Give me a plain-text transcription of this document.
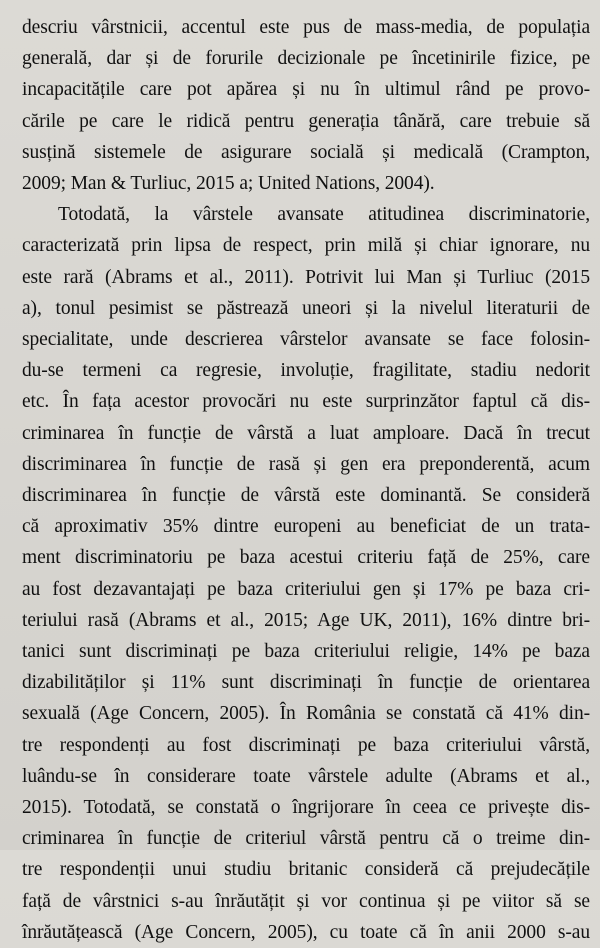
descriu vârstnicii, accentul este pus de mass-media, de populația
generală, dar și de forurile decizionale pe încetinirile fizice, pe
incapacitățile care pot apărea și nu în ultimul rând pe provo-
cările pe care le ridică pentru generația tânără, care trebuie să
susțină sistemele de asigurare socială și medicală (Crampton,
2009; Man & Turliuc, 2015 a; United Nations, 2004).

Totodată, la vârstele avansate atitudinea discriminatorie,
caracterizată prin lipsa de respect, prin milă și chiar ignorare, nu
este rară (Abrams et al., 2011). Potrivit lui Man și Turliuc (2015
a), tonul pesimist se păstrează uneori și la nivelul literaturii de
specialitate, unde descrierea vârstelor avansate se face folosin-
du-se termeni ca regresie, involuție, fragilitate, stadiu nedorit
etc. În fața acestor provocări nu este surprinzător faptul că dis-
criminarea în funcție de vârstă a luat amploare. Dacă în trecut
discriminarea în funcție de rasă și gen era preponderentă, acum
discriminarea în funcție de vârstă este dominantă. Se consideră
că aproximativ 35% dintre europeni au beneficiat de un trata-
ment discriminatoriu pe baza acestui criteriu față de 25%, care
au fost dezavantajați pe baza criteriului gen și 17% pe baza cri-
teriului rasă (Abrams et al., 2015; Age UK, 2011), 16% dintre bri-
tanici sunt discriminați pe baza criteriului religie, 14% pe baza
dizabilităților și 11% sunt discriminați în funcție de orientarea
sexuală (Age Concern, 2005). În România se constată că 41% din-
tre respondenți au fost discriminați pe baza criteriului vârstă,
luându-se în considerare toate vârstele adulte (Abrams et al.,
2015). Totodată, se constată o îngrijorare în ceea ce privește dis-
criminarea în funcție de criteriul vârstă pentru că o treime din-
tre respondenții unui studiu britanic consideră că prejudecățile
față de vârstnici s-au înrăutățit și vor continua și pe viitor să se
înrăutățească (Age Concern, 2005), cu toate că în anii 2000 s-au
